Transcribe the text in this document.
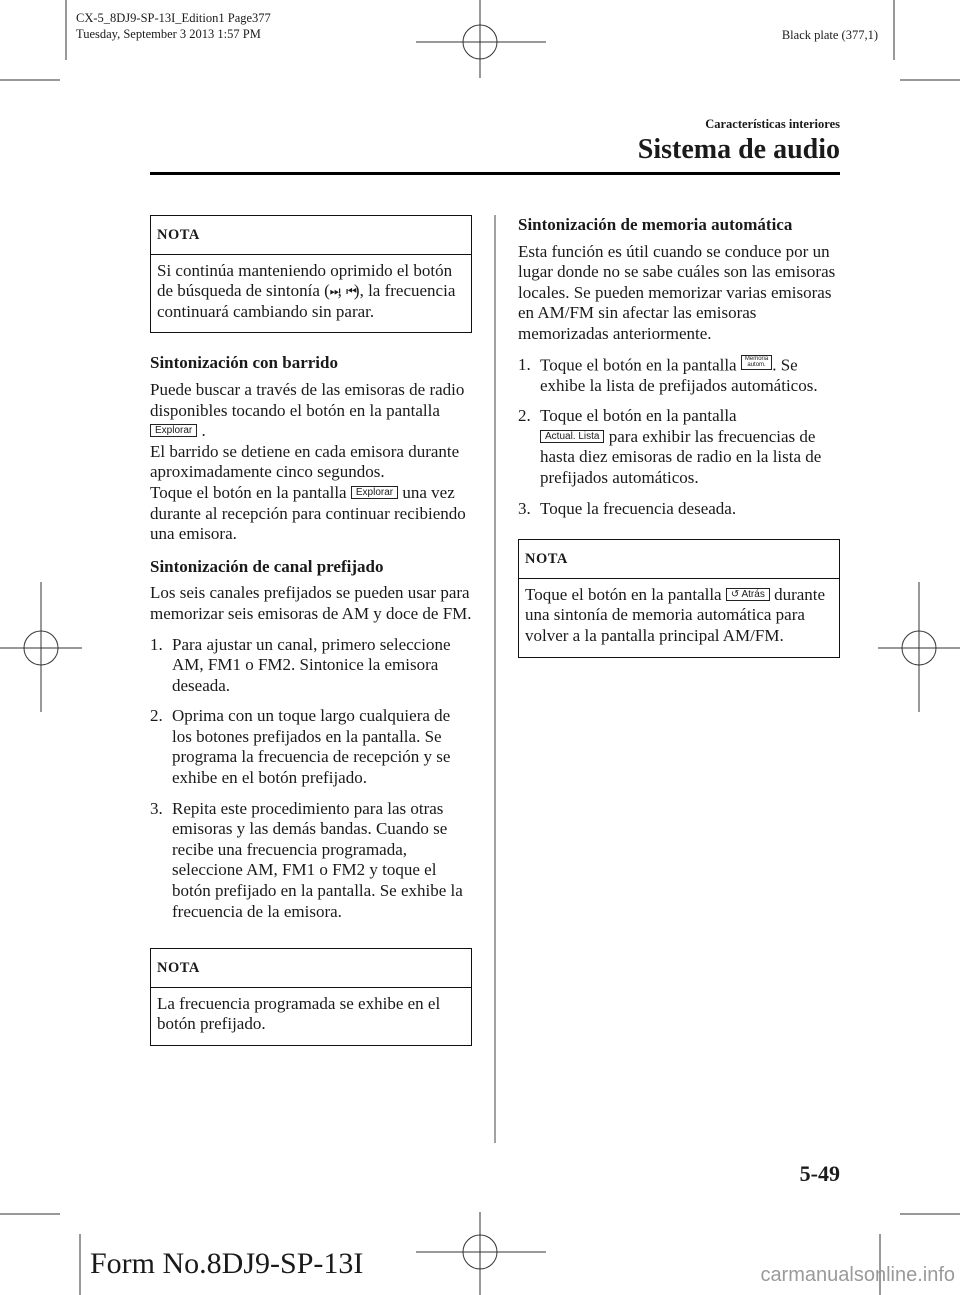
CX-5_8DJ9-SP-13I_Edition1 Page377
Tuesday, September 3 2013 1:57 PM	Black plate (377,1)
Características interiores
Sistema de audio
NOTA
Si continúa manteniendo oprimido el botón de búsqueda de sintonía (⏭, ⏮), la frecuencia continuará cambiando sin parar.

Sintonización con barrido

Puede buscar a través de las emisoras de radio disponibles tocando el botón en la pantalla Explorar .
El barrido se detiene en cada emisora durante aproximadamente cinco segundos.
Toque el botón en la pantalla Explorar una vez durante al recepción para continuar recibiendo una emisora.

Sintonización de canal prefijado

Los seis canales prefijados se pueden usar para memorizar seis emisoras de AM y doce de FM.

1. Para ajustar un canal, primero seleccione AM, FM1 o FM2. Sintonice la emisora deseada.
2. Oprima con un toque largo cualquiera de los botones prefijados en la pantalla. Se programa la frecuencia de recepción y se exhibe en el botón prefijado.
3. Repita este procedimiento para las otras emisoras y las demás bandas. Cuando se recibe una frecuencia programada, seleccione AM, FM1 o FM2 y toque el botón prefijado en la pantalla. Se exhibe la frecuencia de la emisora.
NOTA
La frecuencia programada se exhibe en el botón prefijado.

Sintonización de memoria automática

Esta función es útil cuando se conduce por un lugar donde no se sabe cuáles son las emisoras locales. Se pueden memorizar varias emisoras en AM/FM sin afectar las emisoras memorizadas anteriormente.

1. Toque el botón en la pantalla Memoria
autom. . Se exhibe la lista de prefijados automáticos.
2. Toque el botón en la pantalla
Actual. Lista para exhibir las frecuencias de hasta diez emisoras de radio en la lista de prefijados automáticos.
3. Toque la frecuencia deseada.
NOTA
Toque el botón en la pantalla ↺ Atrás durante una sintonía de memoria automática para volver a la pantalla principal AM/FM.
5-49
Form No.8DJ9-SP-13I	carmanualsonline.info
